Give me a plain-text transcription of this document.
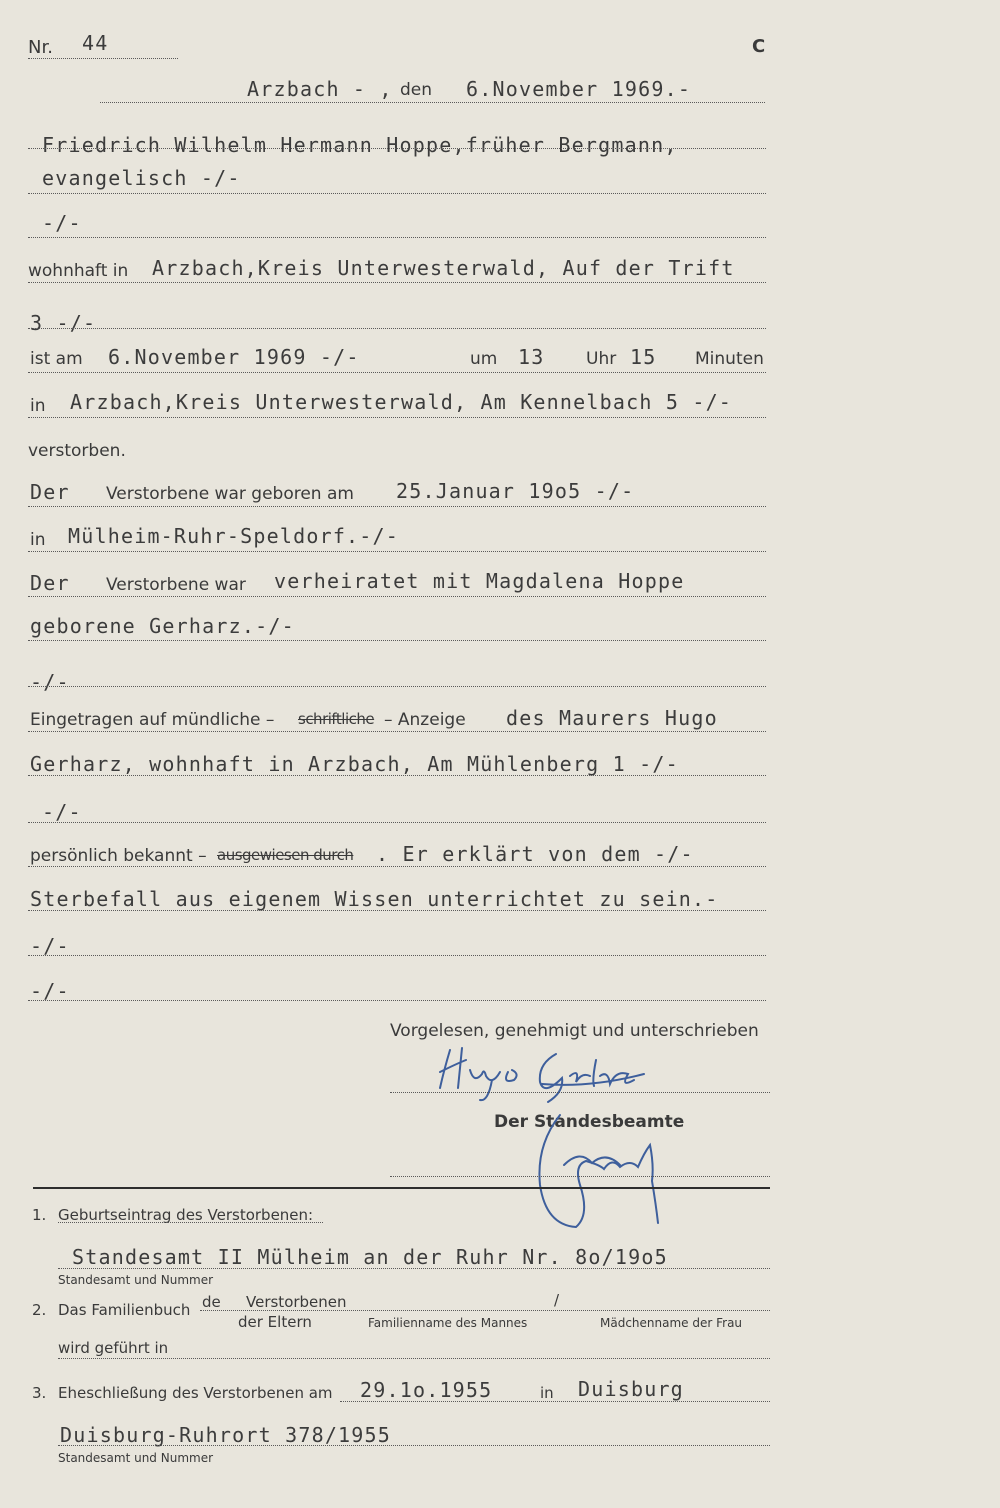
Nr. 44	C
Arzbach - , den 6.November 1969.-
Friedrich Wilhelm Hermann Hoppe,früher Bergmann,
evangelisch -/-
-/-
wohnhaft in Arzbach,Kreis Unterwesterwald, Auf der Trift
3 -/-
ist am 6.November 1969 -/-	um 13 Uhr 15 Minuten
in Arzbach,Kreis Unterwesterwald, Am Kennelbach 5 -/-
verstorben.
Der Verstorbene war geboren am 25.Januar 19o5 -/-
in Mülheim-Ruhr-Speldorf.-/-
Der Verstorbene war verheiratet mit Magdalena Hoppe
geborene Gerharz.-/-
-/-
Eingetragen auf mündliche – schriftliche – Anzeige des Maurers Hugo
Gerharz, wohnhaft in Arzbach, Am Mühlenberg 1 -/-
-/-
persönlich bekannt – ausgewiesen durch . Er erklärt von dem -/-
Sterbefall aus eigenem Wissen unterrichtet zu sein.-
-/-
-/-
Vorgelesen, genehmigt und unterschrieben
Der Standesbeamte
1. Geburtseintrag des Verstorbenen:
Standesamt II Mülheim an der Ruhr Nr. 8o/19o5
Standesamt und Nummer
2. Das Familienbuch de Verstorbenen	/
der Eltern	Familienname des Mannes	Mädchenname der Frau
wird geführt in
3. Eheschließung des Verstorbenen am 29.1o.1955	in Duisburg
Duisburg-Ruhrort 378/1955
Standesamt und Nummer
